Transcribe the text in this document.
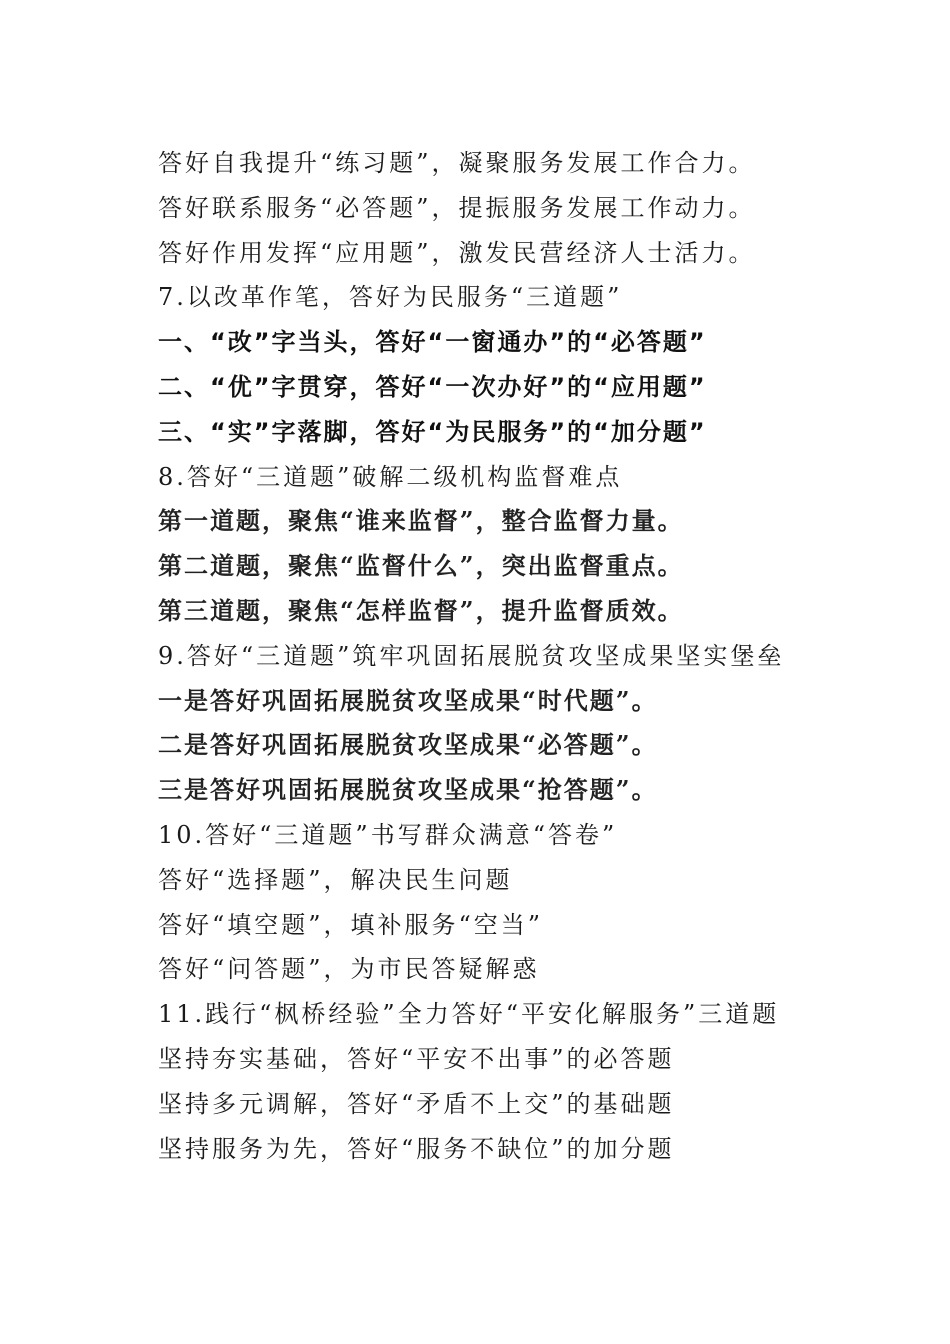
答好自我提升“练习题”，凝聚服务发展工作合力。
答好联系服务“必答题”，提振服务发展工作动力。
答好作用发挥“应用题”，激发民营经济人士活力。
7.以改革作笔，答好为民服务“三道题”
一、“改”字当头，答好“一窗通办”的“必答题”
二、“优”字贯穿，答好“一次办好”的“应用题”
三、“实”字落脚，答好“为民服务”的“加分题”
8.答好“三道题”破解二级机构监督难点
第一道题，聚焦“谁来监督”，整合监督力量。
第二道题，聚焦“监督什么”，突出监督重点。
第三道题，聚焦“怎样监督”，提升监督质效。
9.答好“三道题”筑牢巩固拓展脱贫攻坚成果坚实堡垒
一是答好巩固拓展脱贫攻坚成果“时代题”。
二是答好巩固拓展脱贫攻坚成果“必答题”。
三是答好巩固拓展脱贫攻坚成果“抢答题”。
10.答好“三道题”书写群众满意“答卷”
答好“选择题”，解决民生问题
答好“填空题”，填补服务“空当”
答好“问答题”，为市民答疑解惑
11.践行“枫桥经验”全力答好“平安化解服务”三道题
坚持夯实基础，答好“平安不出事”的必答题
坚持多元调解，答好“矛盾不上交”的基础题
坚持服务为先，答好“服务不缺位”的加分题
